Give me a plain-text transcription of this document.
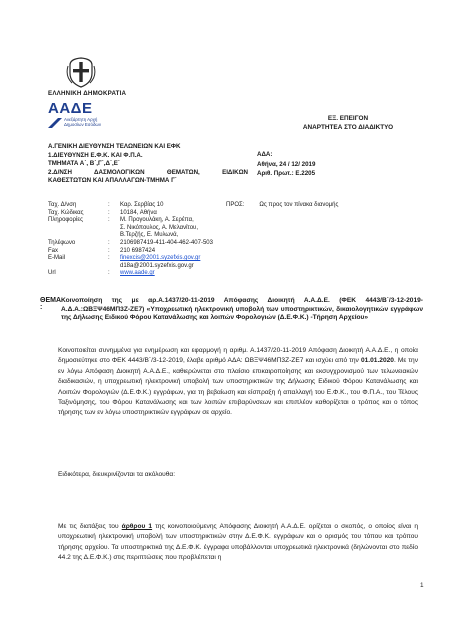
ΕΛΛΗΝΙΚΗ ΔΗΜΟΚΡΑΤΙΑ
ΑΑΔΕ
Ανεξάρτητη Αρχή
Δημοσίων Εσόδων
ΕΞ. ΕΠΕΙΓΟΝ
ΑΝΑΡΤΗΤΕΑ ΣΤΟ ΔΙΑΔΙΚΤΥΟ
Α.ΓΕΝΙΚΗ ΔΙΕΥΘΥΝΣΗ ΤΕΛΩΝΕΙΩΝ ΚΑΙ ΕΦΚ
1.ΔΙΕΥΘΥΝΣΗ Ε.Φ.Κ. ΚΑΙ Φ.Π.Α.
ΤΜΗΜΑΤΑ Α΄, Β΄,Γ΄,Δ΄,Ε΄
2.Δ/ΝΣΗ ΔΑΣΜΟΛΟΓΙΚΩΝ ΘΕΜΑΤΩΝ, ΕΙΔΙΚΩΝ
ΚΑΘΕΣΤΩΤΩΝ ΚΑΙ ΑΠΑΛΛΑΓΩΝ-ΤΜΗΜΑ Γ΄
ΑΔΑ:
Αθήνα, 24 / 12/ 2019
Αριθ. Πρωτ.: Ε.2205
Ταχ. Δ/νση	:	Καρ. Σερβίας 10
Ταχ. Κώδικας	:	10184, Αθήνα
Πληροφορίες	:	Μ. Προγουλάκη, Α. Σερέπα,
Σ. Νικόπουλος, Α. Μελανίτου,
Β.Τερζής, Ε. Μυλωνά,
Τηλέφωνο	:	2106987419-411-404-462-407-503
Fax	:	210 6987424
E-Mail	:	finexcis@2001.syzefxis.gov.gr
d18a@2001.syzefxis.gov.gr
Url	:	www.aade.gr
ΠΡΟΣ:	Ως προς τον πίνακα διανομής
ΘΕΜΑ :
Κοινοποίηση της με αρ.Α.1437/20-11-2019 Απόφασης Διοικητή Α.Α.Δ.Ε. (ΦΕΚ 4443/Β΄/3-12-2019- Α.Δ.Α.:ΩΒΞΨ46ΜΠ3Ζ-ΖΕ7) «Υποχρεωτική ηλεκτρονική υποβολή των υποστηρικτικών, δικαιολογητικών εγγράφων της Δήλωσης Ειδικού Φόρου Κατανάλωσης και λοιπών Φορολογιών (Δ.Ε.Φ.Κ.) -Τήρηση Αρχείου»
Κοινοποιείται συνημμένα για ενημέρωση και εφαρμογή η αριθμ. Α.1437/20-11-2019 Απόφαση Διοικητή Α.Α.Δ.Ε., η οποία δημοσιεύτηκε στο ΦΕΚ 4443/Β΄/3-12-2019, έλαβε αριθμό ΑΔΑ: ΩΒΞΨ46ΜΠ3Ζ-ΖΕ7 και ισχύει από την 01.01.2020. Με την εν λόγω Απόφαση Διοικητή Α.Α.Δ.Ε., καθιερώνεται στο πλαίσιο επικαιροποίησης και εκσυγχρονισμού των τελωνειακών διαδικασιών, η υποχρεωτική ηλεκτρονική υποβολή των υποστηρικτικών της Δήλωσης Ειδικού Φόρου Κατανάλωσης και Λοιπών Φορολογιών (Δ.Ε.Φ.Κ.) εγγράφων, για τη βεβαίωση και είσπραξη ή απαλλαγή του Ε.Φ.Κ., του Φ.Π.Α., του Τέλους Ταξινόμησης, του Φόρου Κατανάλωσης και των λοιπών επιβαρύνσεων και επιπλέον καθορίζεται ο τρόπος και ο τόπος τήρησης των εν λόγω υποστηρικτικών εγγράφων σε αρχείο.
Ειδικότερα, διευκρινίζονται τα ακόλουθα:
Με τις διατάξεις του άρθρου 1 της κοινοποιούμενης Απόφασης Διοικητή Α.Α.Δ.Ε. ορίζεται ο σκοπός, ο οποίος είναι η υποχρεωτική ηλεκτρονική υποβολή των υποστηρικτικών στην Δ.Ε.Φ.Κ. εγγράφων και ο ορισμός του τόπου και τρόπου τήρησης αρχείου. Τα υποστηρικτικά της Δ.Ε.Φ.Κ. έγγραφα υποβάλλονται υποχρεωτικά ηλεκτρονικά (δηλώνονται στο πεδίο 44.2 της Δ.Ε.Φ.Κ.) στις περιπτώσεις που προβλέπεται η
1
